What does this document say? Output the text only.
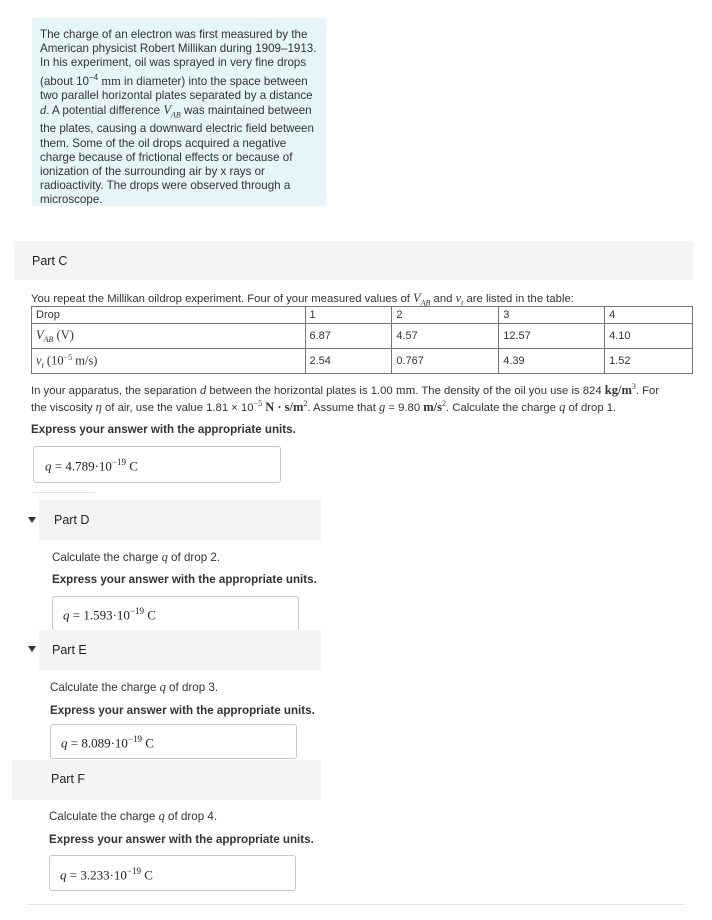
The charge of an electron was first measured by the American physicist Robert Millikan during 1909–1913. In his experiment, oil was sprayed in very fine drops (about $10^{-4}$ mm in diameter) into the space between two parallel horizontal plates separated by a distance d. A potential difference $V_{AB}$ was maintained between the plates, causing a downward electric field between them. Some of the oil drops acquired a negative charge because of frictional effects or because of ionization of the surrounding air by x rays or radioactivity. The drops were observed through a microscope.
Part C
You repeat the Millikan oildrop experiment. Four of your measured values of $V_{AB}$ and $v_t$ are listed in the table:
Drop	1	2	3	4
$V_{AB}$ (V)	6.87	4.57	12.57	4.10
$v_t$ ($10^{-5}$ m/s)	2.54	0.767	4.39	1.52
In your apparatus, the separation d between the horizontal plates is 1.00 mm. The density of the oil you use is 824 $kg/m^3$. For
the viscosity η of air, use the value $1.81 \times 10^{-5}$ $N \cdot s/m^2$. Assume that g = 9.80 $m/s^2$. Calculate the charge q of drop 1.
Express your answer with the appropriate units.
$q = 4.789\cdot 10^{-19}$ C
Part D
Calculate the charge q of drop 2.
Express your answer with the appropriate units.
$q = 1.593\cdot 10^{-19}$ C
Part E
Calculate the charge q of drop 3.
Express your answer with the appropriate units.
$q = 8.089\cdot 10^{-19}$ C
Part F
Calculate the charge q of drop 4.
Express your answer with the appropriate units.
$q = 3.233\cdot 10^{-19}$ C
